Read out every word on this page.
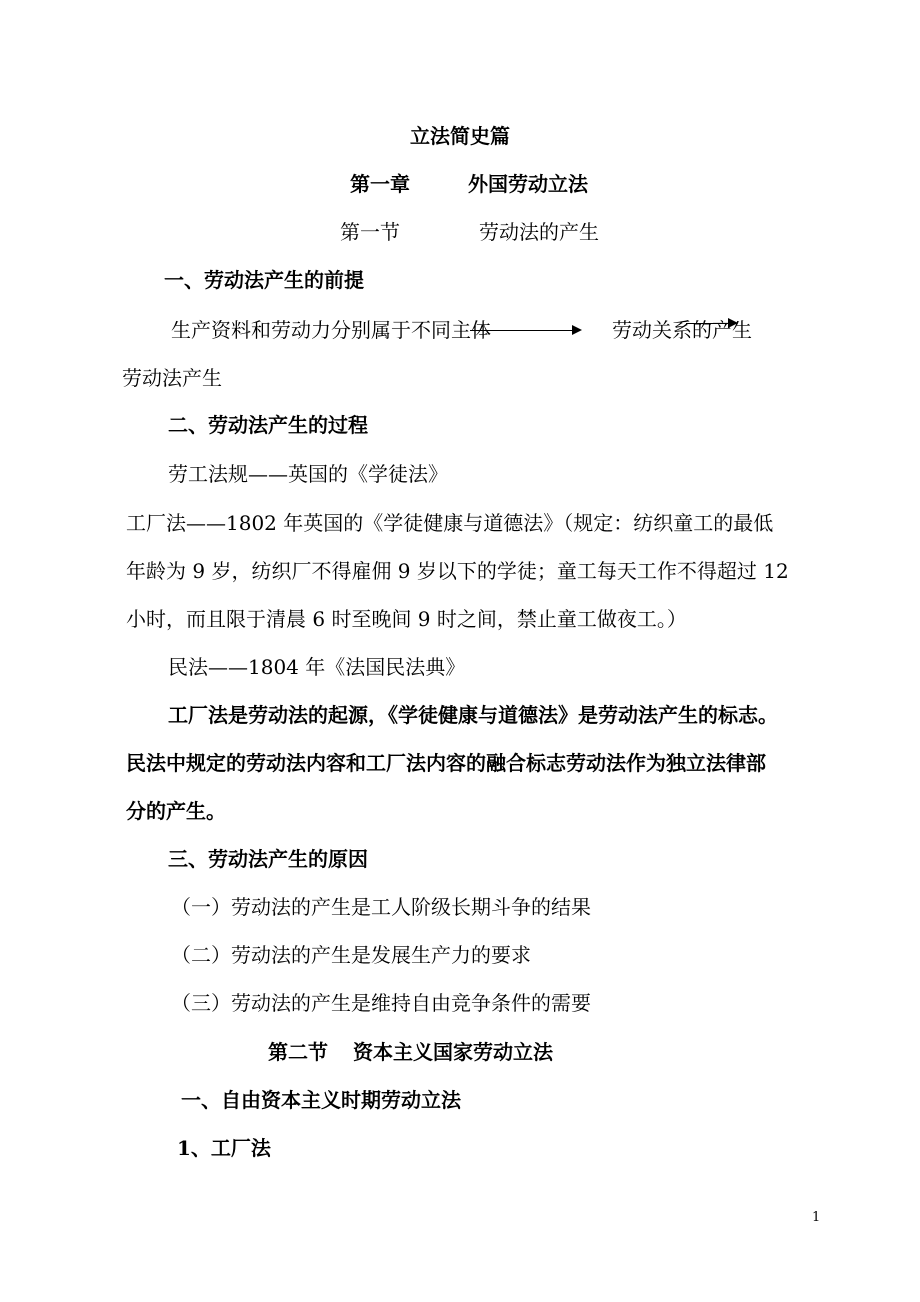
立法简史篇
第一章	外国劳动立法
第一节	劳动法的产生
一、劳动法产生的前提
生产资料和劳动力分别属于不同主体	劳动关系的产生
劳动法产生
二、劳动法产生的过程
劳工法规——英国的《学徒法》
工厂法——1802 年英国的《学徒健康与道德法》（规定：纺织童工的最低
年龄为 9 岁，纺织厂不得雇佣 9 岁以下的学徒；童工每天工作不得超过 12
小时，而且限于清晨 6 时至晚间 9 时之间，禁止童工做夜工。）
民法——1804 年《法国民法典》
工厂法是劳动法的起源，《学徒健康与道德法》是劳动法产生的标志。
民法中规定的劳动法内容和工厂法内容的融合标志劳动法作为独立法律部
分的产生。
三、劳动法产生的原因
（一）劳动法的产生是工人阶级长期斗争的结果
（二）劳动法的产生是发展生产力的要求
（三）劳动法的产生是维持自由竞争条件的需要
第二节 资本主义国家劳动立法
一、自由资本主义时期劳动立法
1、工厂法
1
